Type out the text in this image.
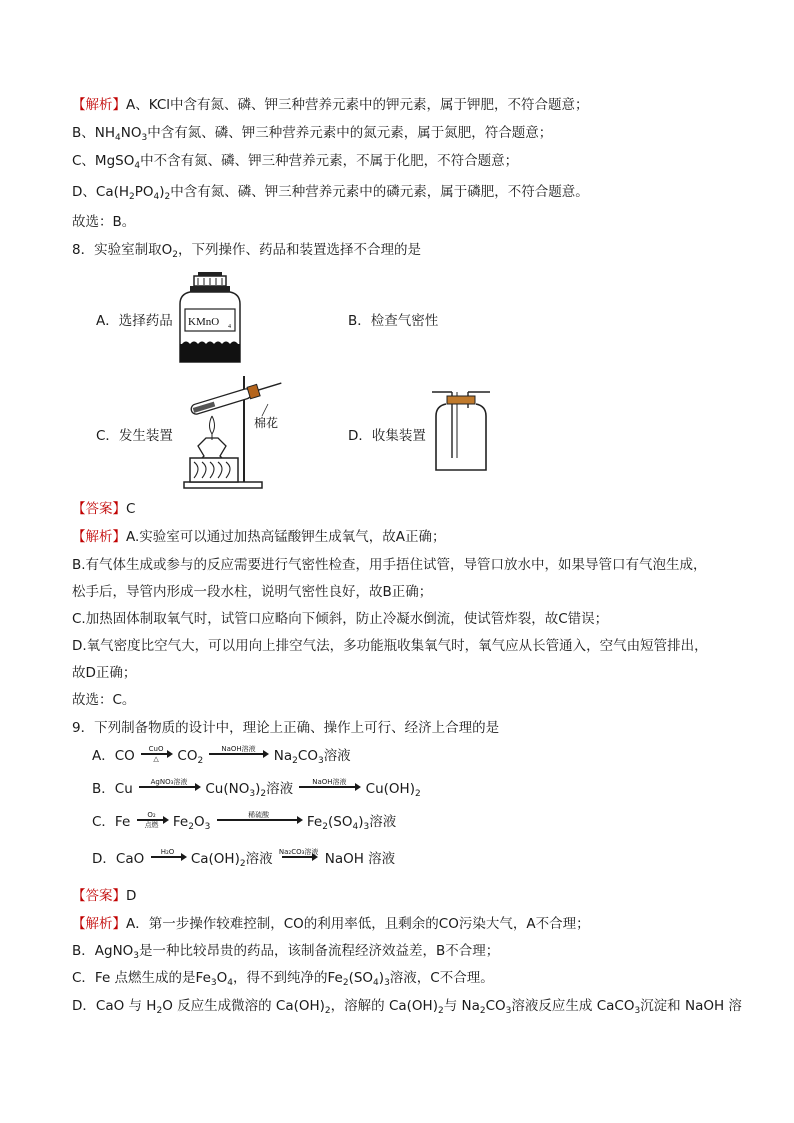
【解析】A、KCl中含有氮、磷、钾三种营养元素中的钾元素，属于钾肥，不符合题意；
B、$NH_4NO_3$中含有氮、磷、钾三种营养元素中的氮元素，属于氮肥，符合题意；
C、MgSO$_4$中不含有氮、磷、钾三种营养元素，不属于化肥，不符合题意；
D、$Ca(H_2PO_4)_2$中含有氮、磷、钾三种营养元素中的磷元素，属于磷肥，不符合题意。
故选：B。
8．实验室制取$O_2$，下列操作、药品和装置选择不合理的是
A．选择药品	B．检查气密性
C．发生装置	D．收集装置
KMnO 4
棉花
【答案】C
【解析】A.实验室可以通过加热高锰酸钾生成氧气，故A正确；
B.有气体生成或参与的反应需要进行气密性检查，用手捂住试管，导管口放水中，如果导管口有气泡生成，
松手后，导管内形成一段水柱，说明气密性良好，故B正确；
C.加热固体制取氧气时，试管口应略向下倾斜，防止冷凝水倒流，使试管炸裂，故C错误；
D.氧气密度比空气大，可以用向上排空气法，多功能瓶收集氧气时，氧气应从长管通入，空气由短管排出，
故D正确；
故选：C。
9．下列制备物质的设计中，理论上正确、操作上可行、经济上合理的是
A．CO CuO
△ $CO_2$
NaOH溶液 $Na_2CO_3$溶液
B．Cu	AgNO₃溶液 $Cu(NO_3)_2$溶液	NaOH溶液 $Cu(OH)_2$
C．Fe O₂
点燃 $Fe_2O_3$
稀硫酸	$Fe_2(SO_4)_3$溶液
D．CaO H₂O $Ca(OH)_2$溶液 Na₂CO₃溶液 NaOH 溶液
【答案】D
【解析】A．第一步操作较难控制，CO的利用率低，且剩余的CO污染大气，A不合理；
B．AgNO$_3$是一种比较昂贵的药品，该制备流程经济效益差，B不合理；
C．Fe 点燃生成的是$Fe_3O_4$，得不到纯净的$Fe_2(SO_4)_3$溶液，C不合理。
D．CaO 与 $H_2O$ 反应生成微溶的 $Ca(OH)_2$，溶解的 $Ca(OH)_2$与 $Na_2CO_3$溶液反应生成 CaCO$_3$沉淀和 NaOH 溶
